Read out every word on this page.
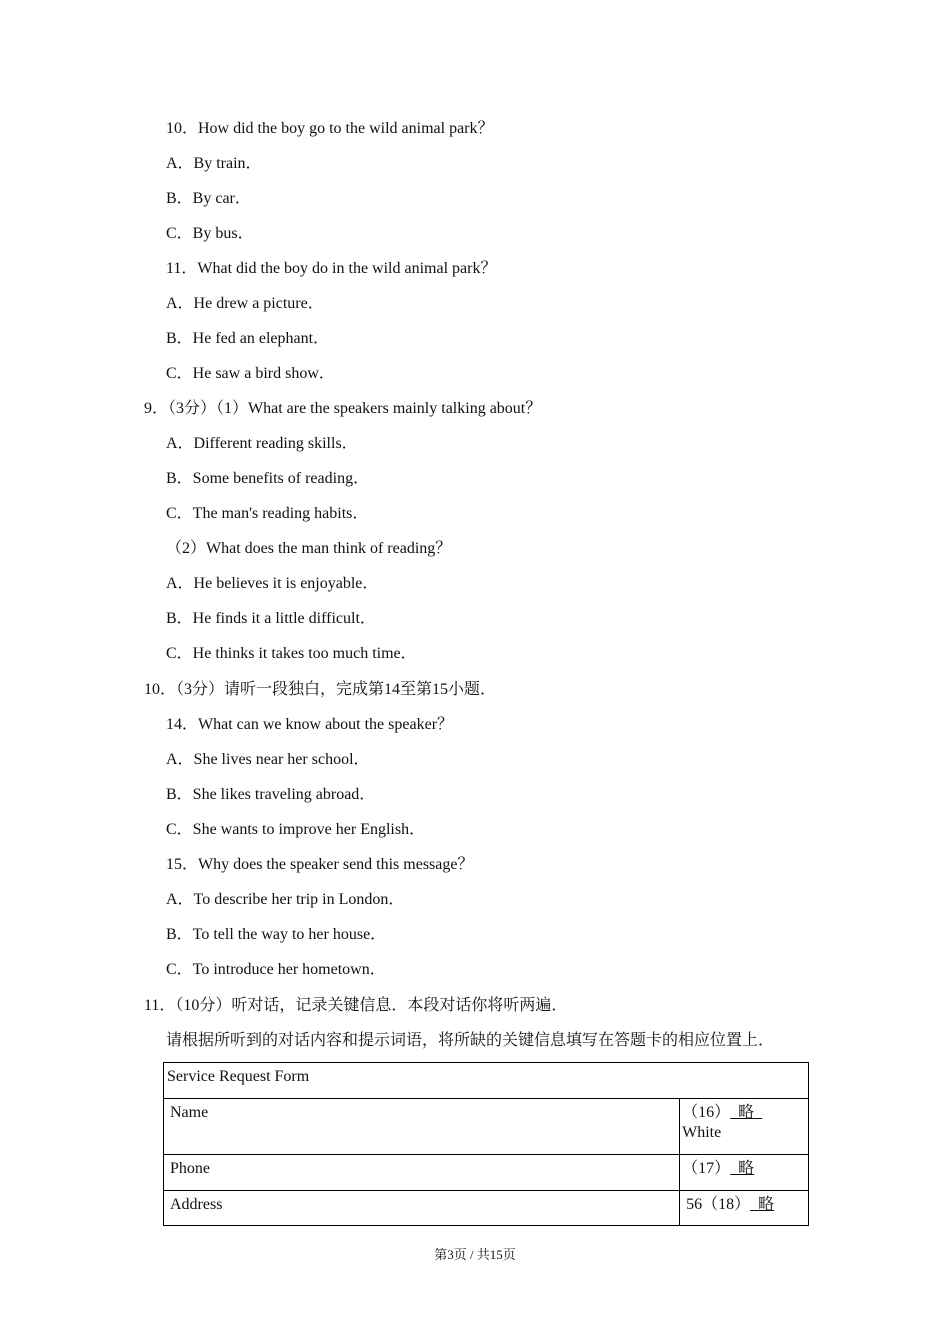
10．How did the boy go to the wild animal park？
A．By train．
B．By car．
C．By bus．
11．What did the boy do in the wild animal park？
A．He drew a picture．
B．He fed an elephant．
C．He saw a bird show．
9．（3分）（1）What are the speakers mainly talking about？
A．Different reading skills．
B．Some benefits of reading．
C．The man's reading habits．
（2）What does the man think of reading？
A．He believes it is enjoyable．
B．He finds it a little difficult．
C．He thinks it takes too much time．
10．（3分）请听一段独白，完成第14至第15小题．
14．What can we know about the speaker？
A．She lives near her school．
B．She likes traveling abroad．
C．She wants to improve her English．
15．Why does the speaker send this message？
A．To describe her trip in London．
B．To tell the way to her house．
C．To introduce her hometown．
11．（10分）听对话，记录关键信息．本段对话你将听两遍．
请根据所听到的对话内容和提示词语，将所缺的关键信息填写在答题卡的相应位置上．
Service Request Form	
Name	（16）  略
White
Phone	（17）  略
Address	56（18）  略
第3页 / 共15页
